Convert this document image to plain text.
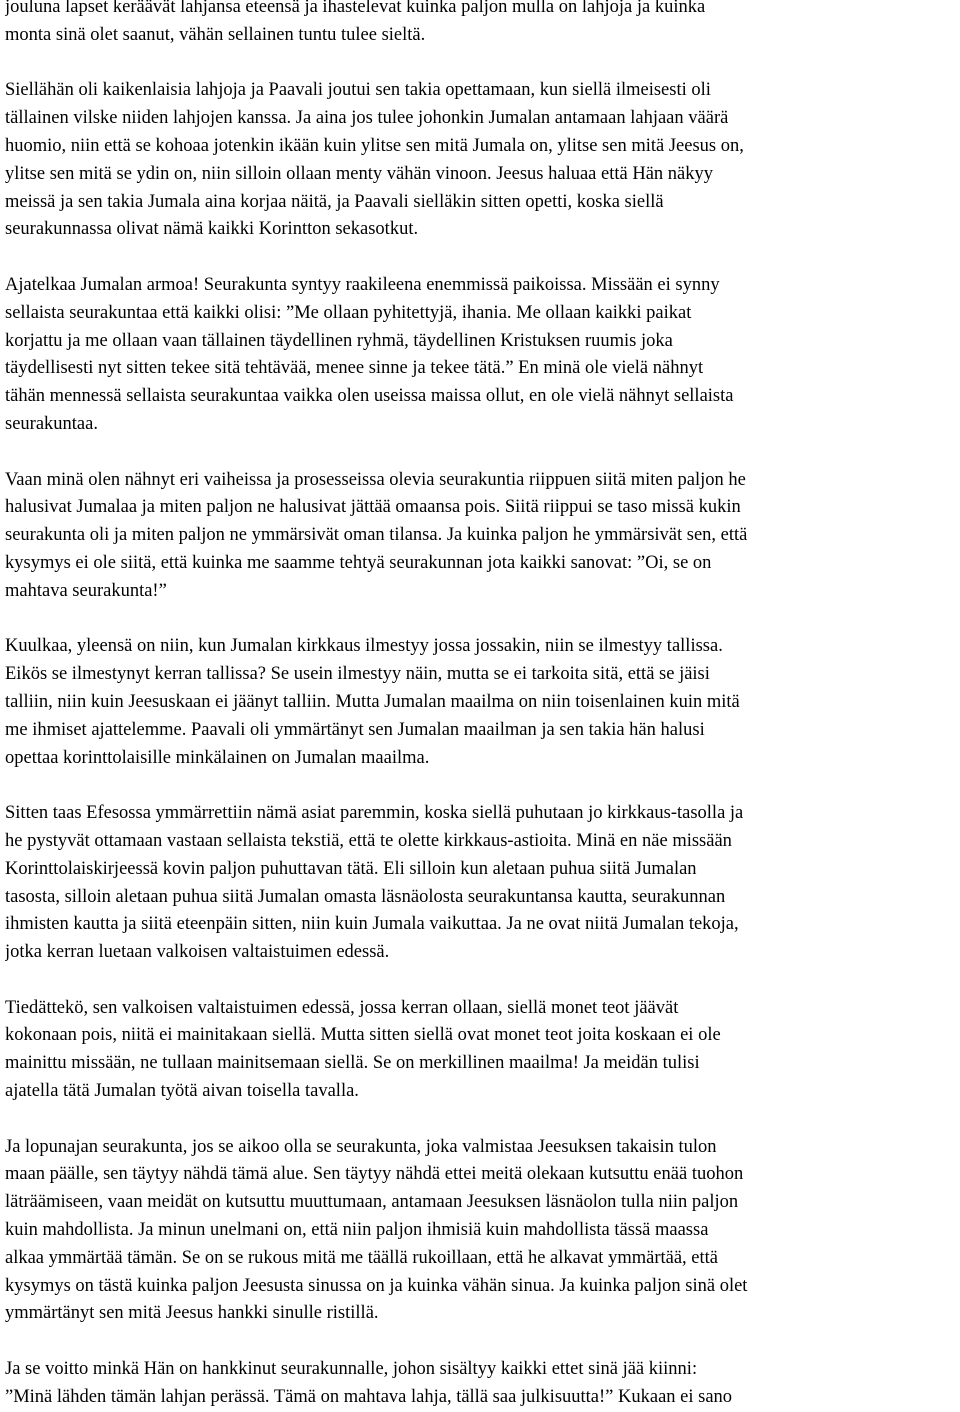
jouluna lapset keräävät lahjansa eteensä ja ihastelevat kuinka paljon mulla on lahjoja ja kuinka
monta sinä olet saanut, vähän sellainen tuntu tulee sieltä.

Siellähän oli kaikenlaisia lahjoja ja Paavali joutui sen takia opettamaan, kun siellä ilmeisesti oli
tällainen vilske niiden lahjojen kanssa. Ja aina jos tulee johonkin Jumalan antamaan lahjaan väärä
huomio, niin että se kohoaa jotenkin ikään kuin ylitse sen mitä Jumala on, ylitse sen mitä Jeesus on,
ylitse sen mitä se ydin on, niin silloin ollaan menty vähän vinoon. Jeesus haluaa että Hän näkyy
meissä ja sen takia Jumala aina korjaa näitä, ja Paavali sielläkin sitten opetti, koska siellä
seurakunnassa olivat nämä kaikki Korintton sekasotkut.

Ajatelkaa Jumalan armoa! Seurakunta syntyy raakileena enemmissä paikoissa. Missään ei synny
sellaista seurakuntaa että kaikki olisi: ”Me ollaan pyhitettyjä, ihania. Me ollaan kaikki paikat
korjattu ja me ollaan vaan tällainen täydellinen ryhmä, täydellinen Kristuksen ruumis joka
täydellisesti nyt sitten tekee sitä tehtävää, menee sinne ja tekee tätä.” En minä ole vielä nähnyt
tähän mennessä sellaista seurakuntaa vaikka olen useissa maissa ollut, en ole vielä nähnyt sellaista
seurakuntaa.

Vaan minä olen nähnyt eri vaiheissa ja prosesseissa olevia seurakuntia riippuen siitä miten paljon he
halusivat Jumalaa ja miten paljon ne halusivat jättää omaansa pois. Siitä riippui se taso missä kukin
seurakunta oli ja miten paljon ne ymmärsivät oman tilansa. Ja kuinka paljon he ymmärsivät sen, että
kysymys ei ole siitä, että kuinka me saamme tehtyä seurakunnan jota kaikki sanovat: ”Oi, se on
mahtava seurakunta!”

Kuulkaa, yleensä on niin, kun Jumalan kirkkaus ilmestyy jossa jossakin, niin se ilmestyy tallissa.
Eikös se ilmestynyt kerran tallissa? Se usein ilmestyy näin, mutta se ei tarkoita sitä, että se jäisi
talliin, niin kuin Jeesuskaan ei jäänyt talliin. Mutta Jumalan maailma on niin toisenlainen kuin mitä
me ihmiset ajattelemme. Paavali oli ymmärtänyt sen Jumalan maailman ja sen takia hän halusi
opettaa korinttolaisille minkälainen on Jumalan maailma.

Sitten taas Efesossa ymmärrettiin nämä asiat paremmin, koska siellä puhutaan jo kirkkaus-tasolla ja
he pystyvät ottamaan vastaan sellaista tekstiä, että te olette kirkkaus-astioita. Minä en näe missään
Korinttolaiskirjeessä kovin paljon puhuttavan tätä. Eli silloin kun aletaan puhua siitä Jumalan
tasosta, silloin aletaan puhua siitä Jumalan omasta läsnäolosta seurakuntansa kautta, seurakunnan
ihmisten kautta ja siitä eteenpäin sitten, niin kuin Jumala vaikuttaa. Ja ne ovat niitä Jumalan tekoja,
jotka kerran luetaan valkoisen valtaistuimen edessä.

Tiedättekö, sen valkoisen valtaistuimen edessä, jossa kerran ollaan, siellä monet teot jäävät
kokonaan pois, niitä ei mainitakaan siellä. Mutta sitten siellä ovat monet teot joita koskaan ei ole
mainittu missään, ne tullaan mainitsemaan siellä. Se on merkillinen maailma! Ja meidän tulisi
ajatella tätä Jumalan työtä aivan toisella tavalla.

Ja lopunajan seurakunta, jos se aikoo olla se seurakunta, joka valmistaa Jeesuksen takaisin tulon
maan päälle, sen täytyy nähdä tämä alue. Sen täytyy nähdä ettei meitä olekaan kutsuttu enää tuohon
läträämiseen, vaan meidät on kutsuttu muuttumaan, antamaan Jeesuksen läsnäolon tulla niin paljon
kuin mahdollista. Ja minun unelmani on, että niin paljon ihmisiä kuin mahdollista tässä maassa
alkaa ymmärtää tämän. Se on se rukous mitä me täällä rukoillaan, että he alkavat ymmärtää, että
kysymys on tästä kuinka paljon Jeesusta sinussa on ja kuinka vähän sinua. Ja kuinka paljon sinä olet
ymmärtänyt sen mitä Jeesus hankki sinulle ristillä.

Ja se voitto minkä Hän on hankkinut seurakunnalle, johon sisältyy kaikki ettet sinä jää kiinni:
”Minä lähden tämän lahjan perässä. Tämä on mahtava lahja, tällä saa julkisuutta!” Kukaan ei sano
